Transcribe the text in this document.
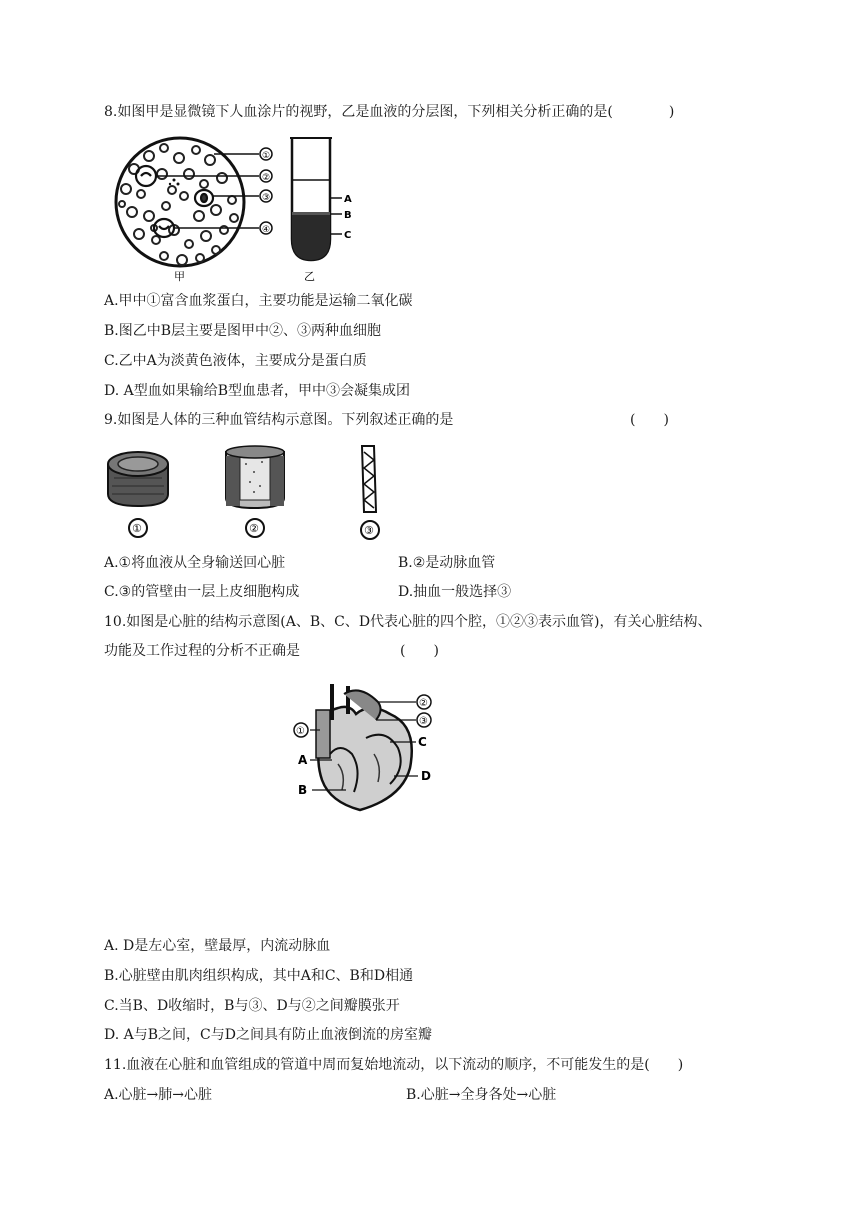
8.如图甲是显微镜下人血涂片的视野，乙是血液的分层图，下列相关分析正确的是(　　　　)
①
②
③
④
甲
A
B
C
乙
A.甲中①富含血浆蛋白，主要功能是运输二氧化碳
B.图乙中B层主要是图甲中②、③两种血细胞
C.乙中A为淡黄色液体，主要成分是蛋白质
D. A型血如果输给B型血患者，甲中③会凝集成团
9.如图是人体的三种血管结构示意图。下列叙述正确的是	(　　)
①	②	③
A.①将血液从全身输送回心脏	B.②是动脉血管
C.③的管壁由一层上皮细胞构成	D.抽血一般选择③
10.如图是心脏的结构示意图(A、B、C、D代表心脏的四个腔，①②③表示血管)，有关心脏结构、
功能及工作过程的分析不正确是	(　　)
②
③
①
C
A
D
B
A. D是左心室，壁最厚，内流动脉血
B.心脏壁由肌肉组织构成，其中A和C、B和D相通
C.当B、D收缩时，B与③、D与②之间瓣膜张开
D. A与B之间，C与D之间具有防止血液倒流的房室瓣
11.血液在心脏和血管组成的管道中周而复始地流动，以下流动的顺序，不可能发生的是(　　)
A.心脏→肺→心脏	B.心脏→全身各处→心脏
